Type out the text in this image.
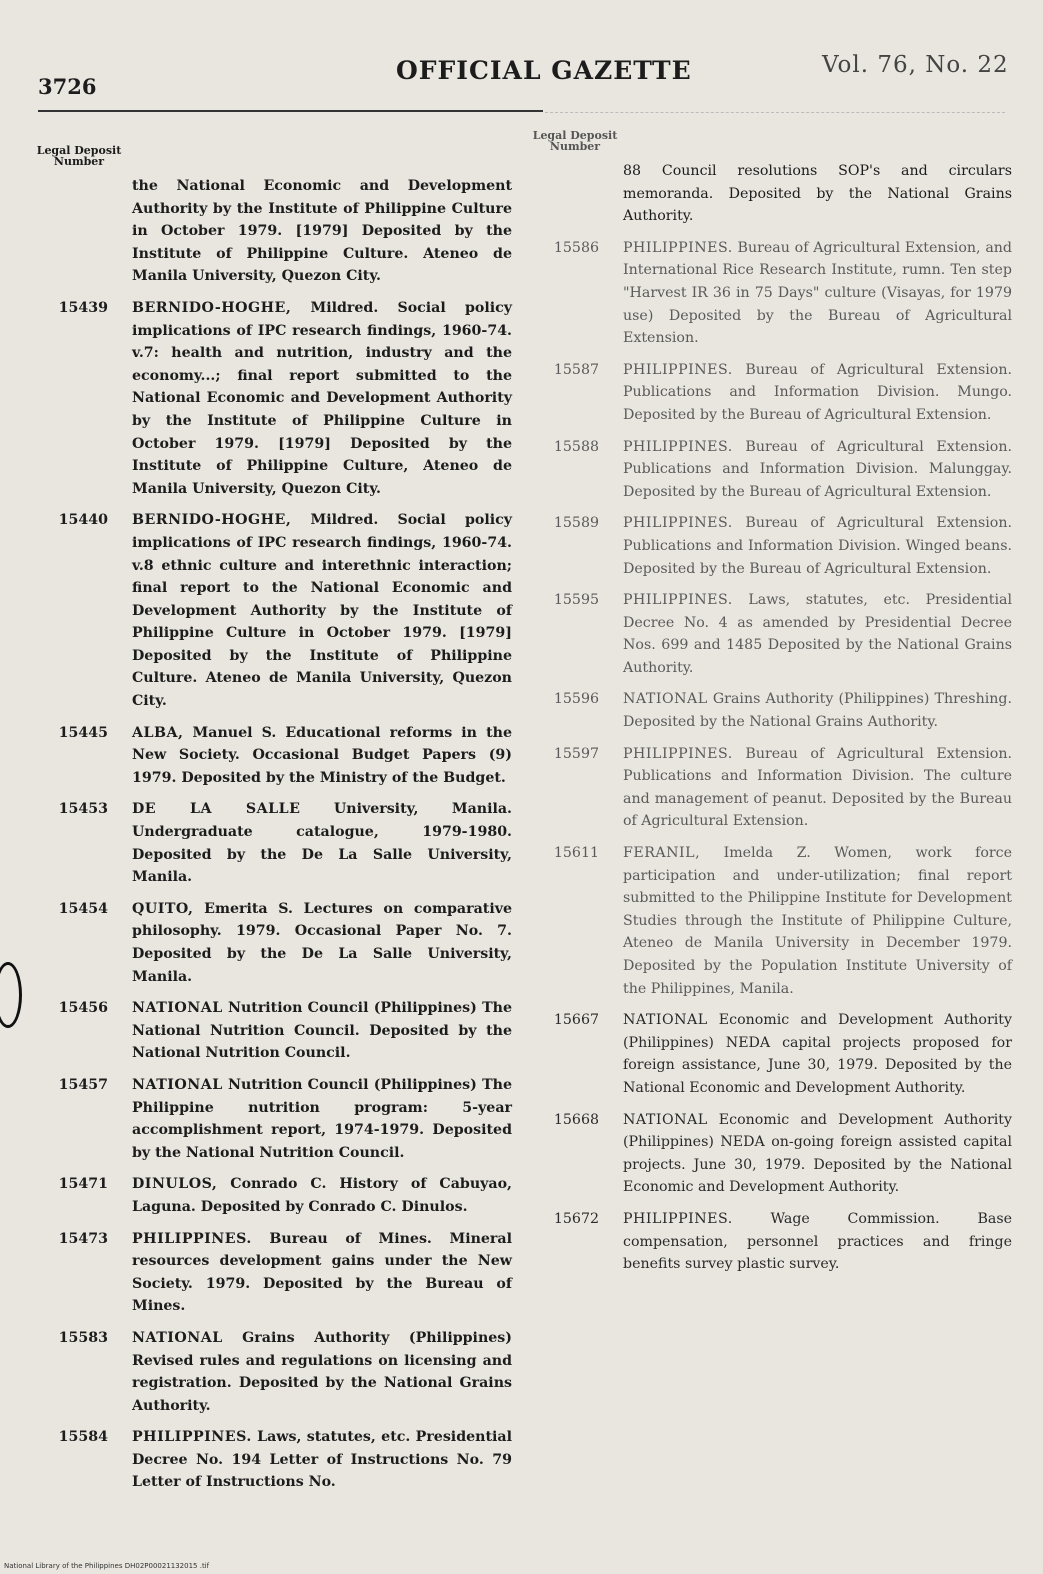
3726
OFFICIAL GAZETTE	Vol. 76, No. 22
Legal Deposit Number
Legal Deposit Number
the National Economic and Development Authority by the Institute of Philippine Culture in October 1979. [1979] Deposited by the Institute of Philippine Culture. Ateneo de Manila University, Quezon City.
15439 BERNIDO-HOGHE, Mildred. Social policy implications of IPC research findings, 1960-74. v.7: health and nutrition, industry and the economy...; final report submitted to the National Economic and Development Authority by the Institute of Philippine Culture in October 1979. [1979] Deposited by the Institute of Philippine Culture, Ateneo de Manila University, Quezon City.
15440 BERNIDO-HOGHE, Mildred. Social policy implications of IPC research findings, 1960-74. v.8 ethnic culture and interethnic interaction; final report to the National Economic and Development Authority by the Institute of Philippine Culture in October 1979. [1979] Deposited by the Institute of Philippine Culture. Ateneo de Manila University, Quezon City.
15445 ALBA, Manuel S. Educational reforms in the New Society. Occasional Budget Papers (9) 1979. Deposited by the Ministry of the Budget.
15453 DE LA SALLE University, Manila. Undergraduate catalogue, 1979-1980. Deposited by the De La Salle University, Manila.
15454 QUITO, Emerita S. Lectures on comparative philosophy. 1979. Occasional Paper No. 7. Deposited by the De La Salle University, Manila.
15456 NATIONAL Nutrition Council (Philippines) The National Nutrition Council. Deposited by the National Nutrition Council.
15457 NATIONAL Nutrition Council (Philippines) The Philippine nutrition program: 5-year accomplishment report, 1974-1979. Deposited by the National Nutrition Council.
15471 DINULOS, Conrado C. History of Cabuyao, Laguna. Deposited by Conrado C. Dinulos.
15473 PHILIPPINES. Bureau of Mines. Mineral resources development gains under the New Society. 1979. Deposited by the Bureau of Mines.
15583 NATIONAL Grains Authority (Philippines) Revised rules and regulations on licensing and registration. Deposited by the National Grains Authority.
15584 PHILIPPINES. Laws, statutes, etc. Presidential Decree No. 194 Letter of Instructions No. 79 Letter of Instructions No.
88 Council resolutions SOP's and circulars memoranda. Deposited by the National Grains Authority.
15586 PHILIPPINES. Bureau of Agricultural Extension, and International Rice Research Institute, rumn. Ten step "Harvest IR 36 in 75 Days" culture (Visayas, for 1979 use) Deposited by the Bureau of Agricultural Extension.
15587 PHILIPPINES. Bureau of Agricultural Extension. Publications and Information Division. Mungo. Deposited by the Bureau of Agricultural Extension.
15588 PHILIPPINES. Bureau of Agricultural Extension. Publications and Information Division. Malunggay. Deposited by the Bureau of Agricultural Extension.
15589 PHILIPPINES. Bureau of Agricultural Extension. Publications and Information Division. Winged beans. Deposited by the Bureau of Agricultural Extension.
15595 PHILIPPINES. Laws, statutes, etc. Presidential Decree No. 4 as amended by Presidential Decree Nos. 699 and 1485 Deposited by the National Grains Authority.
15596 NATIONAL Grains Authority (Philippines) Threshing. Deposited by the National Grains Authority.
15597 PHILIPPINES. Bureau of Agricultural Extension. Publications and Information Division. The culture and management of peanut. Deposited by the Bureau of Agricultural Extension.
15611 FERANIL, Imelda Z. Women, work force participation and under-utilization; final report submitted to the Philippine Institute for Development Studies through the Institute of Philippine Culture, Ateneo de Manila University in December 1979. Deposited by the Population Institute University of the Philippines, Manila.
15667 NATIONAL Economic and Development Authority (Philippines) NEDA capital projects proposed for foreign assistance, June 30, 1979. Deposited by the National Economic and Development Authority.
15668 NATIONAL Economic and Development Authority (Philippines) NEDA on-going foreign assisted capital projects. June 30, 1979. Deposited by the National Economic and Development Authority.
15672 PHILIPPINES.	Wage Commission. Base compensation, personnel practices and fringe benefits survey plastic survey.
National Library of the Philippines DH02P00021132015 .tif
